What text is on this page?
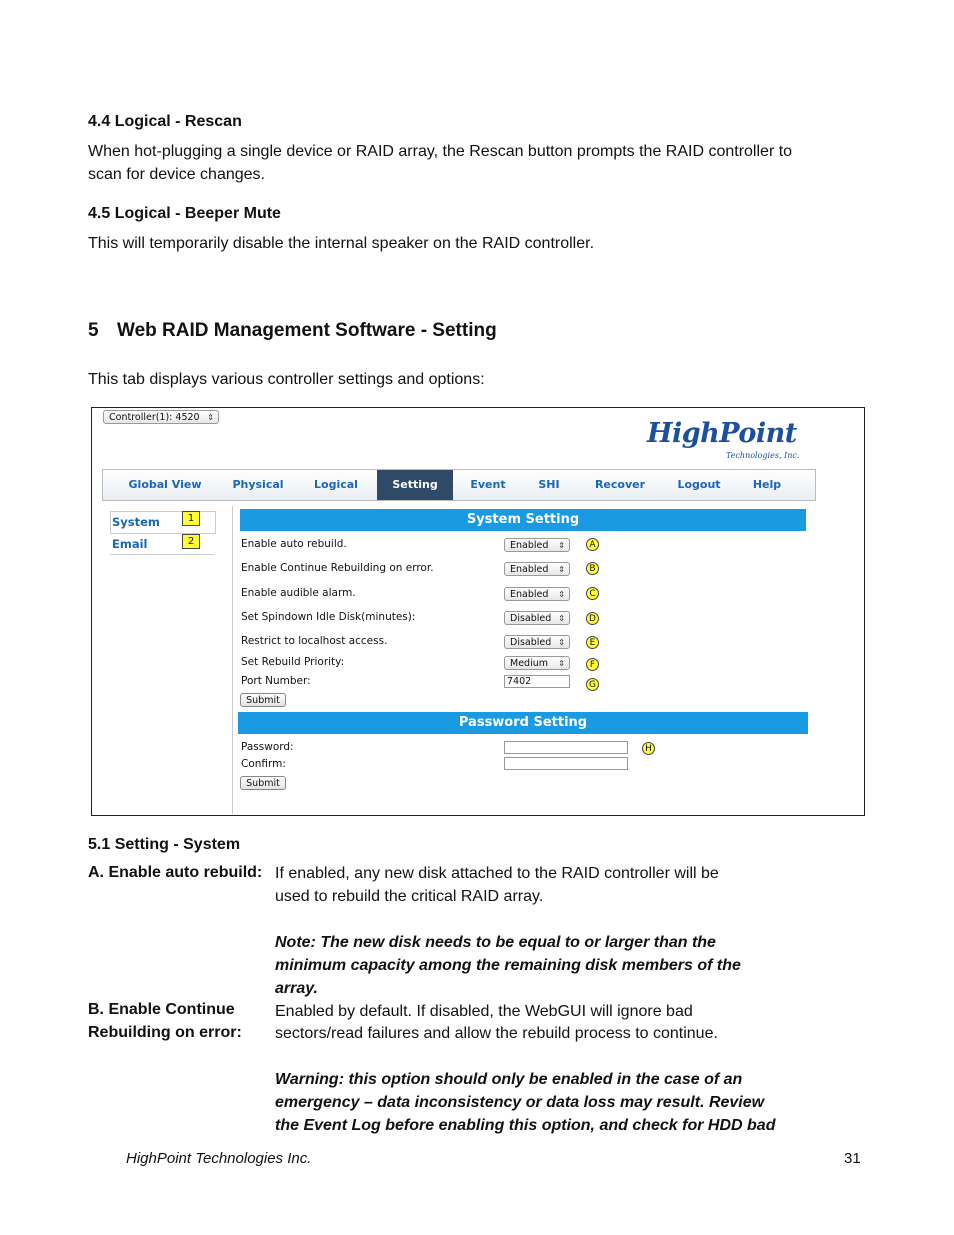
4.4 Logical - Rescan
When hot-plugging a single device or RAID array, the Rescan button prompts the RAID controller to
scan for device changes.
4.5 Logical - Beeper Mute
This will temporarily disable the internal speaker on the RAID controller.
5 Web RAID Management Software - Setting
This tab displays various controller settings and options:
Controller(1): 4520 ⇕
HighPoint
Technologies, Inc.
Global View	Physical	Logical	Setting	Event	SHI	Recover	Logout	Help
System	1
Email	2
System Setting
Enable auto rebuild.	Enabled ⇕	A
Enable Continue Rebuilding on error.	Enabled ⇕	B
Enable audible alarm.	Enabled ⇕	C
Set Spindown Idle Disk(minutes):	Disabled ⇕	D
Restrict to localhost access.	Disabled ⇕	E
Set Rebuild Priority:	Medium ⇕	F
Port Number:	7402	G
Submit
Password Setting
Password:	H
Confirm:
Submit
5.1 Setting - System
A. Enable auto rebuild: If enabled, any new disk attached to the RAID controller will be
used to rebuild the critical RAID array.
Note: The new disk needs to be equal to or larger than the
minimum capacity among the remaining disk members of the
array.
B. Enable Continue
Rebuilding on error:
Enabled by default. If disabled, the WebGUI will ignore bad
sectors/read failures and allow the rebuild process to continue.
Warning: this option should only be enabled in the case of an
emergency – data inconsistency or data loss may result. Review
the Event Log before enabling this option, and check for HDD bad
HighPoint Technologies Inc.	31
